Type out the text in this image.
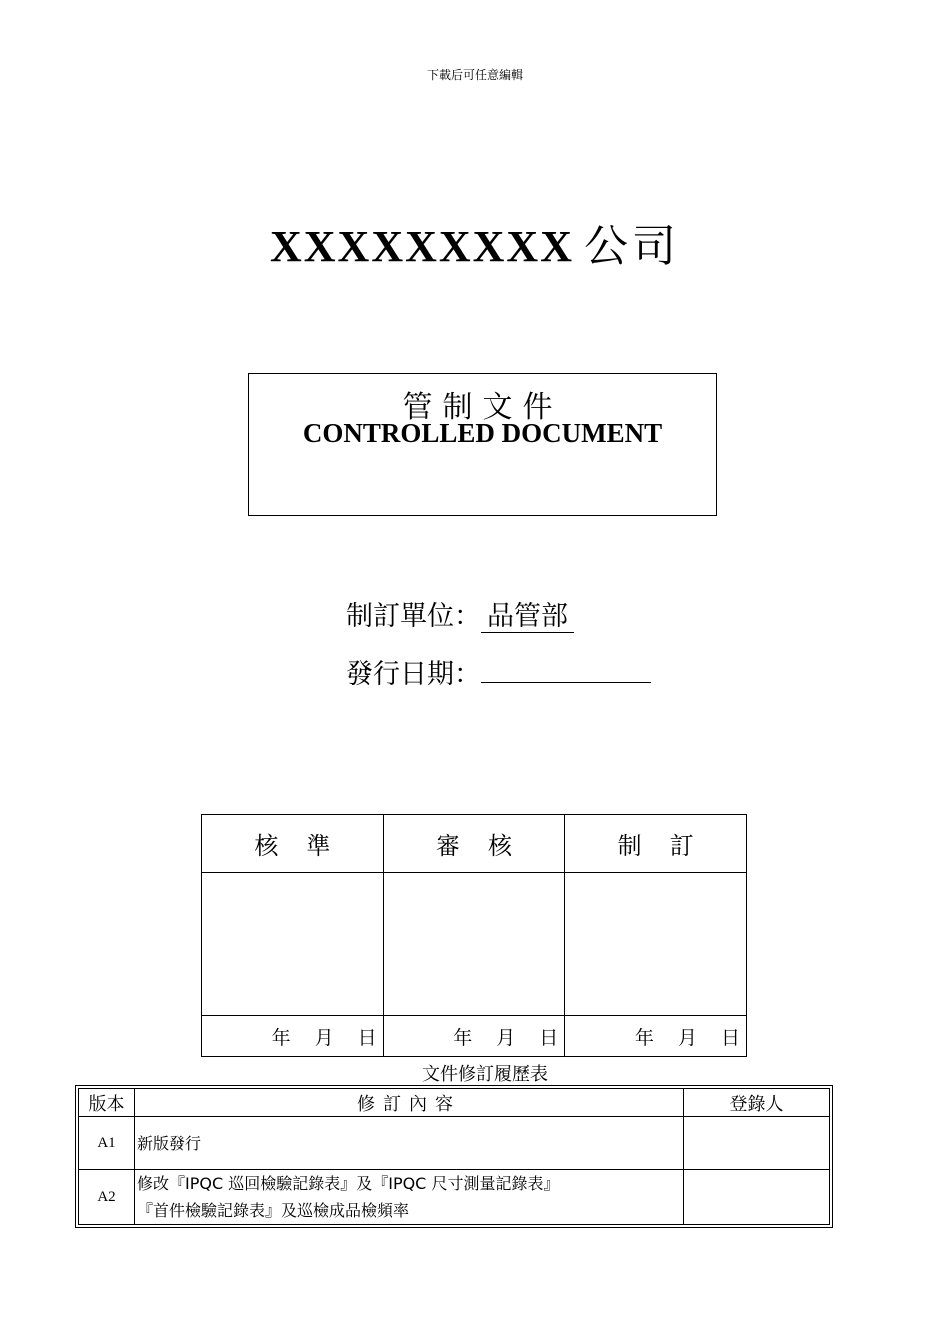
下載后可任意編輯
XXXXXXXXX 公司
管制文件
CONTROLLED DOCUMENT
制訂單位： 品管部
發行日期：
核準	審核	制訂

年 月 日	年 月 日	年 月 日
文件修訂履歷表
版本	修訂內容	登錄人
A1	新版發行	

A2	修改『IPQC 巡回檢驗記錄表』及『IPQC 尺寸測量記錄表』
『首件檢驗記錄表』及巡檢成品檢頻率	
